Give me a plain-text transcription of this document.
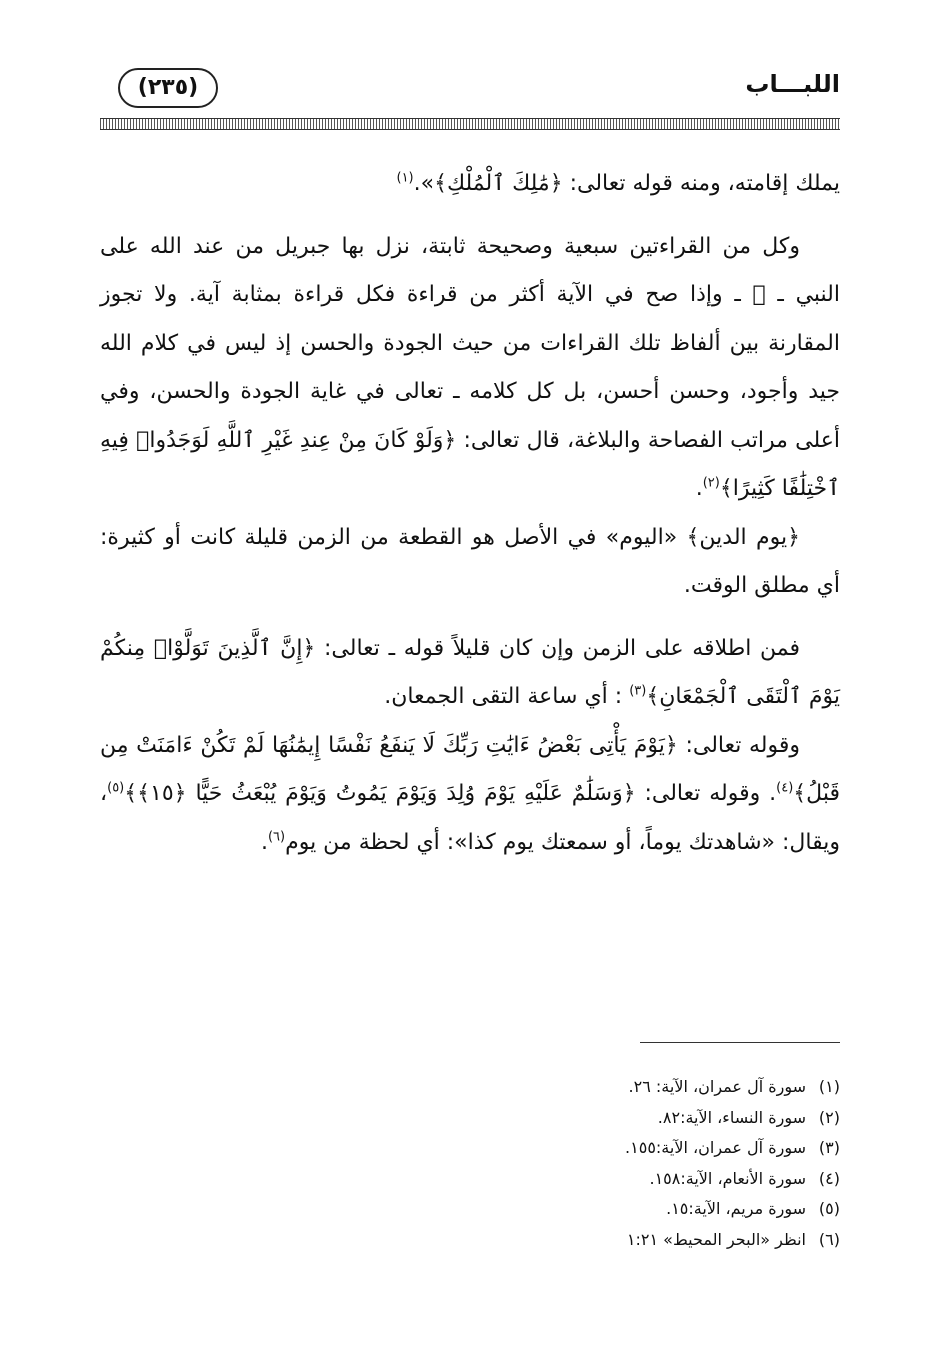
(٢٣٥)	اللبـــاب

يملك إقامته، ومنه قوله تعالى: ﴿مَٰلِكَ ٱلْمُلْكِ﴾».$^{(١)}$

وكل من القراءتين سبعية وصحيحة ثابتة، نزل بها جبريل من عند الله على النبي ـ ﷺ ـ وإذا صح في الآية أكثر من قراءة فكل قراءة بمثابة آية. ولا تجوز المقارنة بين ألفاظ تلك القراءات من حيث الجودة والحسن إذ ليس في كلام الله جيد وأجود، وحسن أحسن، بل كل كلامه ـ تعالى في غاية الجودة والحسن، وفي أعلى مراتب الفصاحة والبلاغة، قال تعالى: ﴿وَلَوْ كَانَ مِنْ عِندِ غَيْرِ ٱللَّهِ لَوَجَدُوا۟ فِيهِ ٱخْتِلَٰفًا كَثِيرًا﴾$^{(٢)}$.

﴿يوم الدين﴾ «اليوم» في الأصل هو القطعة من الزمن قليلة كانت أو كثيرة: أي مطلق الوقت.

فمن اطلاقه على الزمن وإن كان قليلاً قوله ـ تعالى: ﴿إِنَّ ٱلَّذِينَ تَوَلَّوْا۟ مِنكُمْ يَوْمَ ٱلْتَقَى ٱلْجَمْعَانِ﴾$^{(٣)}$ : أي ساعة التقى الجمعان.

وقوله تعالى: ﴿يَوْمَ يَأْتِى بَعْضُ ءَايَٰتِ رَبِّكَ لَا يَنفَعُ نَفْسًا إِيمَٰنُهَا لَمْ تَكُنْ ءَامَنَتْ مِن قَبْلُ﴾$^{(٤)}$. وقوله تعالى: ﴿وَسَلَٰمٌ عَلَيْهِ يَوْمَ وُلِدَ وَيَوْمَ يَمُوتُ وَيَوْمَ يُبْعَثُ حَيًّا ﴿١٥﴾﴾$^{(٥)}$، ويقال: «شاهدتك يوماً، أو سمعتك يوم كذا»: أي لحظة من يوم$^{(٦)}$.

(١)سورة آل عمران، الآية: ٢٦.
(٢)سورة النساء، الآية:٨٢.
(٣)سورة آل عمران، الآية:١٥٥.
(٤)سورة الأنعام، الآية:١٥٨.
(٥)سورة مريم، الآية:١٥.
(٦)انظر «البحر المحيط» ١:٢١
